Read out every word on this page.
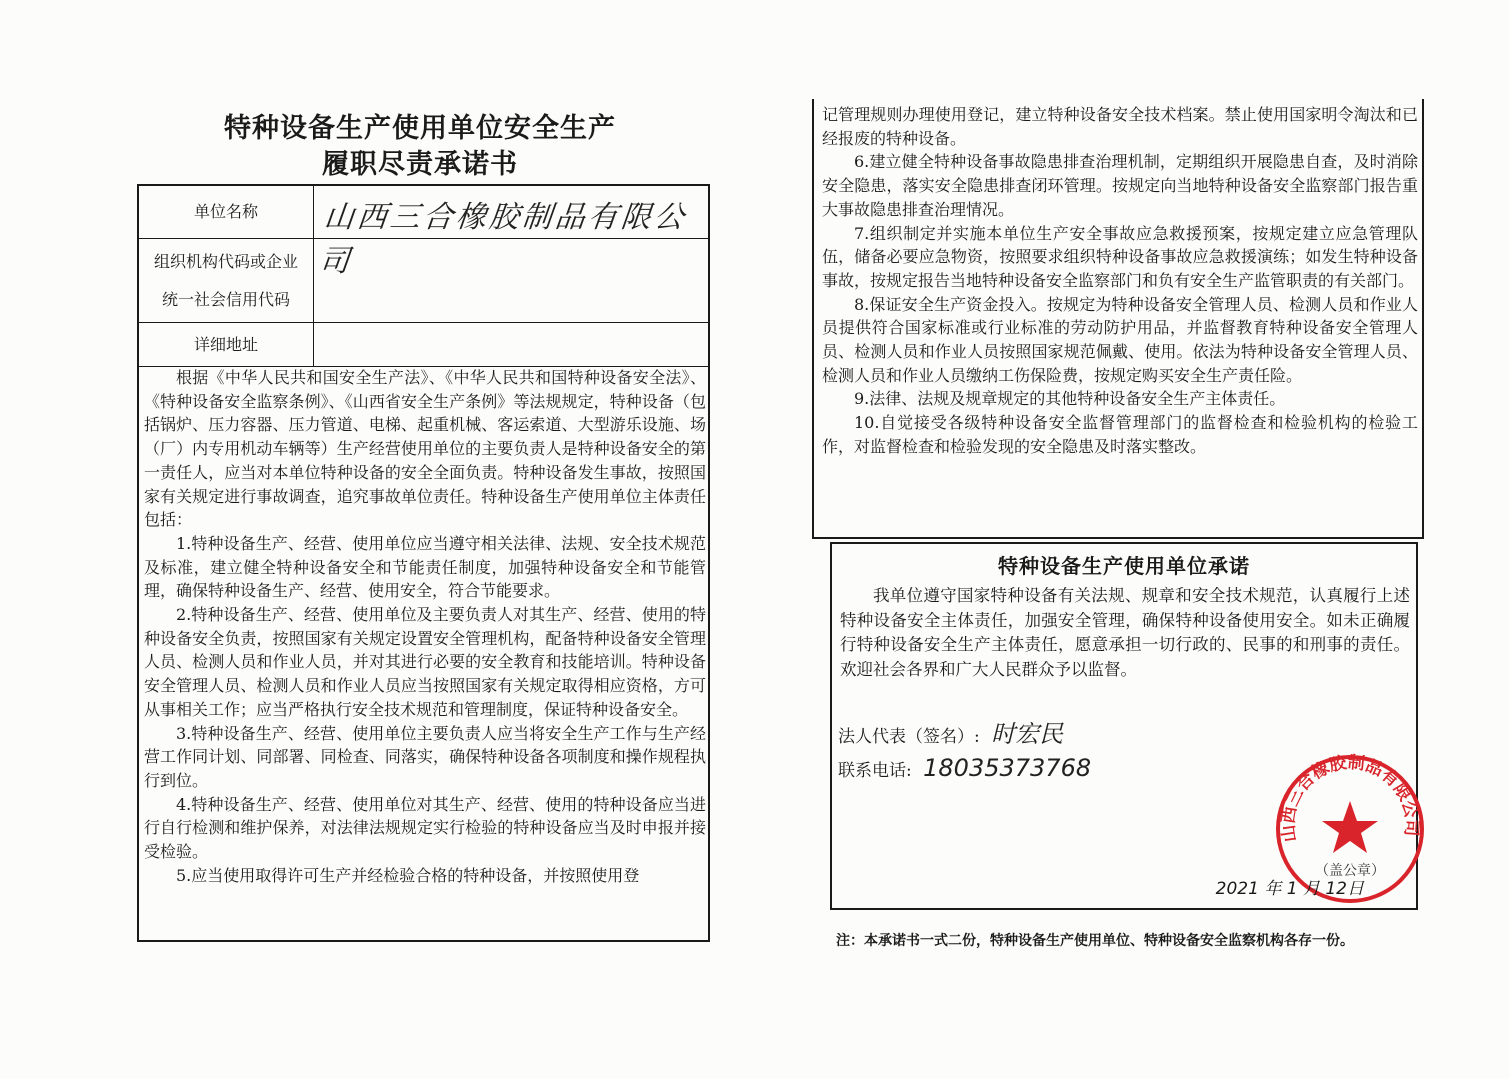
特种设备生产使用单位安全生产
履职尽责承诺书
单位名称	山西三合橡胶制品有限公司
组织机构代码或企业
统一社会信用代码
详细地址

根据《中华人民共和国安全生产法》、《中华人民共和国特种设备安全法》、《特种设备安全监察条例》、《山西省安全生产条例》等法规规定，特种设备（包括锅炉、压力容器、压力管道、电梯、起重机械、客运索道、大型游乐设施、场（厂）内专用机动车辆等）生产经营使用单位的主要负责人是特种设备安全的第一责任人，应当对本单位特种设备的安全全面负责。特种设备发生事故，按照国家有关规定进行事故调查，追究事故单位责任。特种设备生产使用单位主体责任包括：

1.特种设备生产、经营、使用单位应当遵守相关法律、法规、安全技术规范及标准，建立健全特种设备安全和节能责任制度，加强特种设备安全和节能管理，确保特种设备生产、经营、使用安全，符合节能要求。

2.特种设备生产、经营、使用单位及主要负责人对其生产、经营、使用的特种设备安全负责，按照国家有关规定设置安全管理机构，配备特种设备安全管理人员、检测人员和作业人员，并对其进行必要的安全教育和技能培训。特种设备安全管理人员、检测人员和作业人员应当按照国家有关规定取得相应资格，方可从事相关工作；应当严格执行安全技术规范和管理制度，保证特种设备安全。

3.特种设备生产、经营、使用单位主要负责人应当将安全生产工作与生产经营工作同计划、同部署、同检查、同落实，确保特种设备各项制度和操作规程执行到位。

4.特种设备生产、经营、使用单位对其生产、经营、使用的特种设备应当进行自行检测和维护保养，对法律法规规定实行检验的特种设备应当及时申报并接受检验。

5.应当使用取得许可生产并经检验合格的特种设备，并按照使用登

记管理规则办理使用登记，建立特种设备安全技术档案。禁止使用国家明令淘汰和已经报废的特种设备。

6.建立健全特种设备事故隐患排查治理机制，定期组织开展隐患自查，及时消除安全隐患，落实安全隐患排查闭环管理。按规定向当地特种设备安全监察部门报告重大事故隐患排查治理情况。

7.组织制定并实施本单位生产安全事故应急救援预案，按规定建立应急管理队伍，储备必要应急物资，按照要求组织特种设备事故应急救援演练；如发生特种设备事故，按规定报告当地特种设备安全监察部门和负有安全生产监管职责的有关部门。

8.保证安全生产资金投入。按规定为特种设备安全管理人员、检测人员和作业人员提供符合国家标准或行业标准的劳动防护用品，并监督教育特种设备安全管理人员、检测人员和作业人员按照国家规范佩戴、使用。依法为特种设备安全管理人员、检测人员和作业人员缴纳工伤保险费，按规定购买安全生产责任险。

9.法律、法规及规章规定的其他特种设备安全生产主体责任。

10.自觉接受各级特种设备安全监督管理部门的监督检查和检验机构的检验工作，对监督检查和检验发现的安全隐患及时落实整改。

特种设备生产使用单位承诺

我单位遵守国家特种设备有关法规、规章和安全技术规范，认真履行上述特种设备安全主体责任，加强安全管理，确保特种设备使用安全。如未正确履行特种设备安全生产主体责任，愿意承担一切行政的、民事的和刑事的责任。欢迎社会各界和广大人民群众予以监督。

法人代表（签名）: 时宏民
联系电话: 18035373768
山西三合橡胶制品有限公司
（盖公章）
2021 年 1 月 12日
注：本承诺书一式二份，特种设备生产使用单位、特种设备安全监察机构各存一份。
